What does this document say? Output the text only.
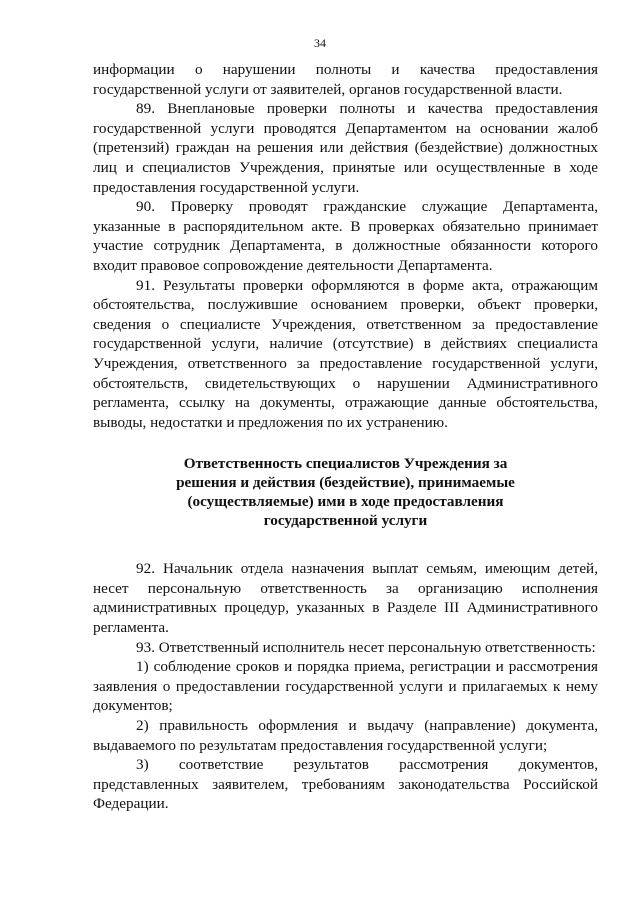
34

информации о нарушении полноты и качества предоставления государственной услуги от заявителей, органов государственной власти.

89. Внеплановые проверки полноты и качества предоставления государственной услуги проводятся Департаментом на основании жалоб (претензий) граждан на решения или действия (бездействие) должностных лиц и специалистов Учреждения, принятые или осуществленные в ходе предоставления государственной услуги.

90. Проверку проводят гражданские служащие Департамента, указанные в распорядительном акте. В проверках обязательно принимает участие сотрудник Департамента, в должностные обязанности которого входит правовое сопровождение деятельности Департамента.

91. Результаты проверки оформляются в форме акта, отражающим обстоятельства, послужившие основанием проверки, объект проверки, сведения о специалисте Учреждения, ответственном за предоставление государственной услуги, наличие (отсутствие) в действиях специалиста Учреждения, ответственного за предоставление государственной услуги, обстоятельств, свидетельствующих о нарушении Административного регламента, ссылку на документы, отражающие данные обстоятельства, выводы, недостатки и предложения по их устранению.

Ответственность специалистов Учреждения за
решения и действия (бездействие), принимаемые
(осуществляемые) ими в ходе предоставления
государственной услуги

92. Начальник отдела назначения выплат семьям, имеющим детей, несет персональную ответственность за организацию исполнения административных процедур, указанных в Разделе III Административного регламента.

93. Ответственный исполнитель несет персональную ответственность:

1) соблюдение сроков и порядка приема, регистрации и рассмотрения заявления о предоставлении государственной услуги и прилагаемых к нему документов;

2) правильность оформления и выдачу (направление) документа, выдаваемого по результатам предоставления государственной услуги;

3) соответствие результатов рассмотрения документов, представленных заявителем, требованиям законодательства Российской Федерации.
